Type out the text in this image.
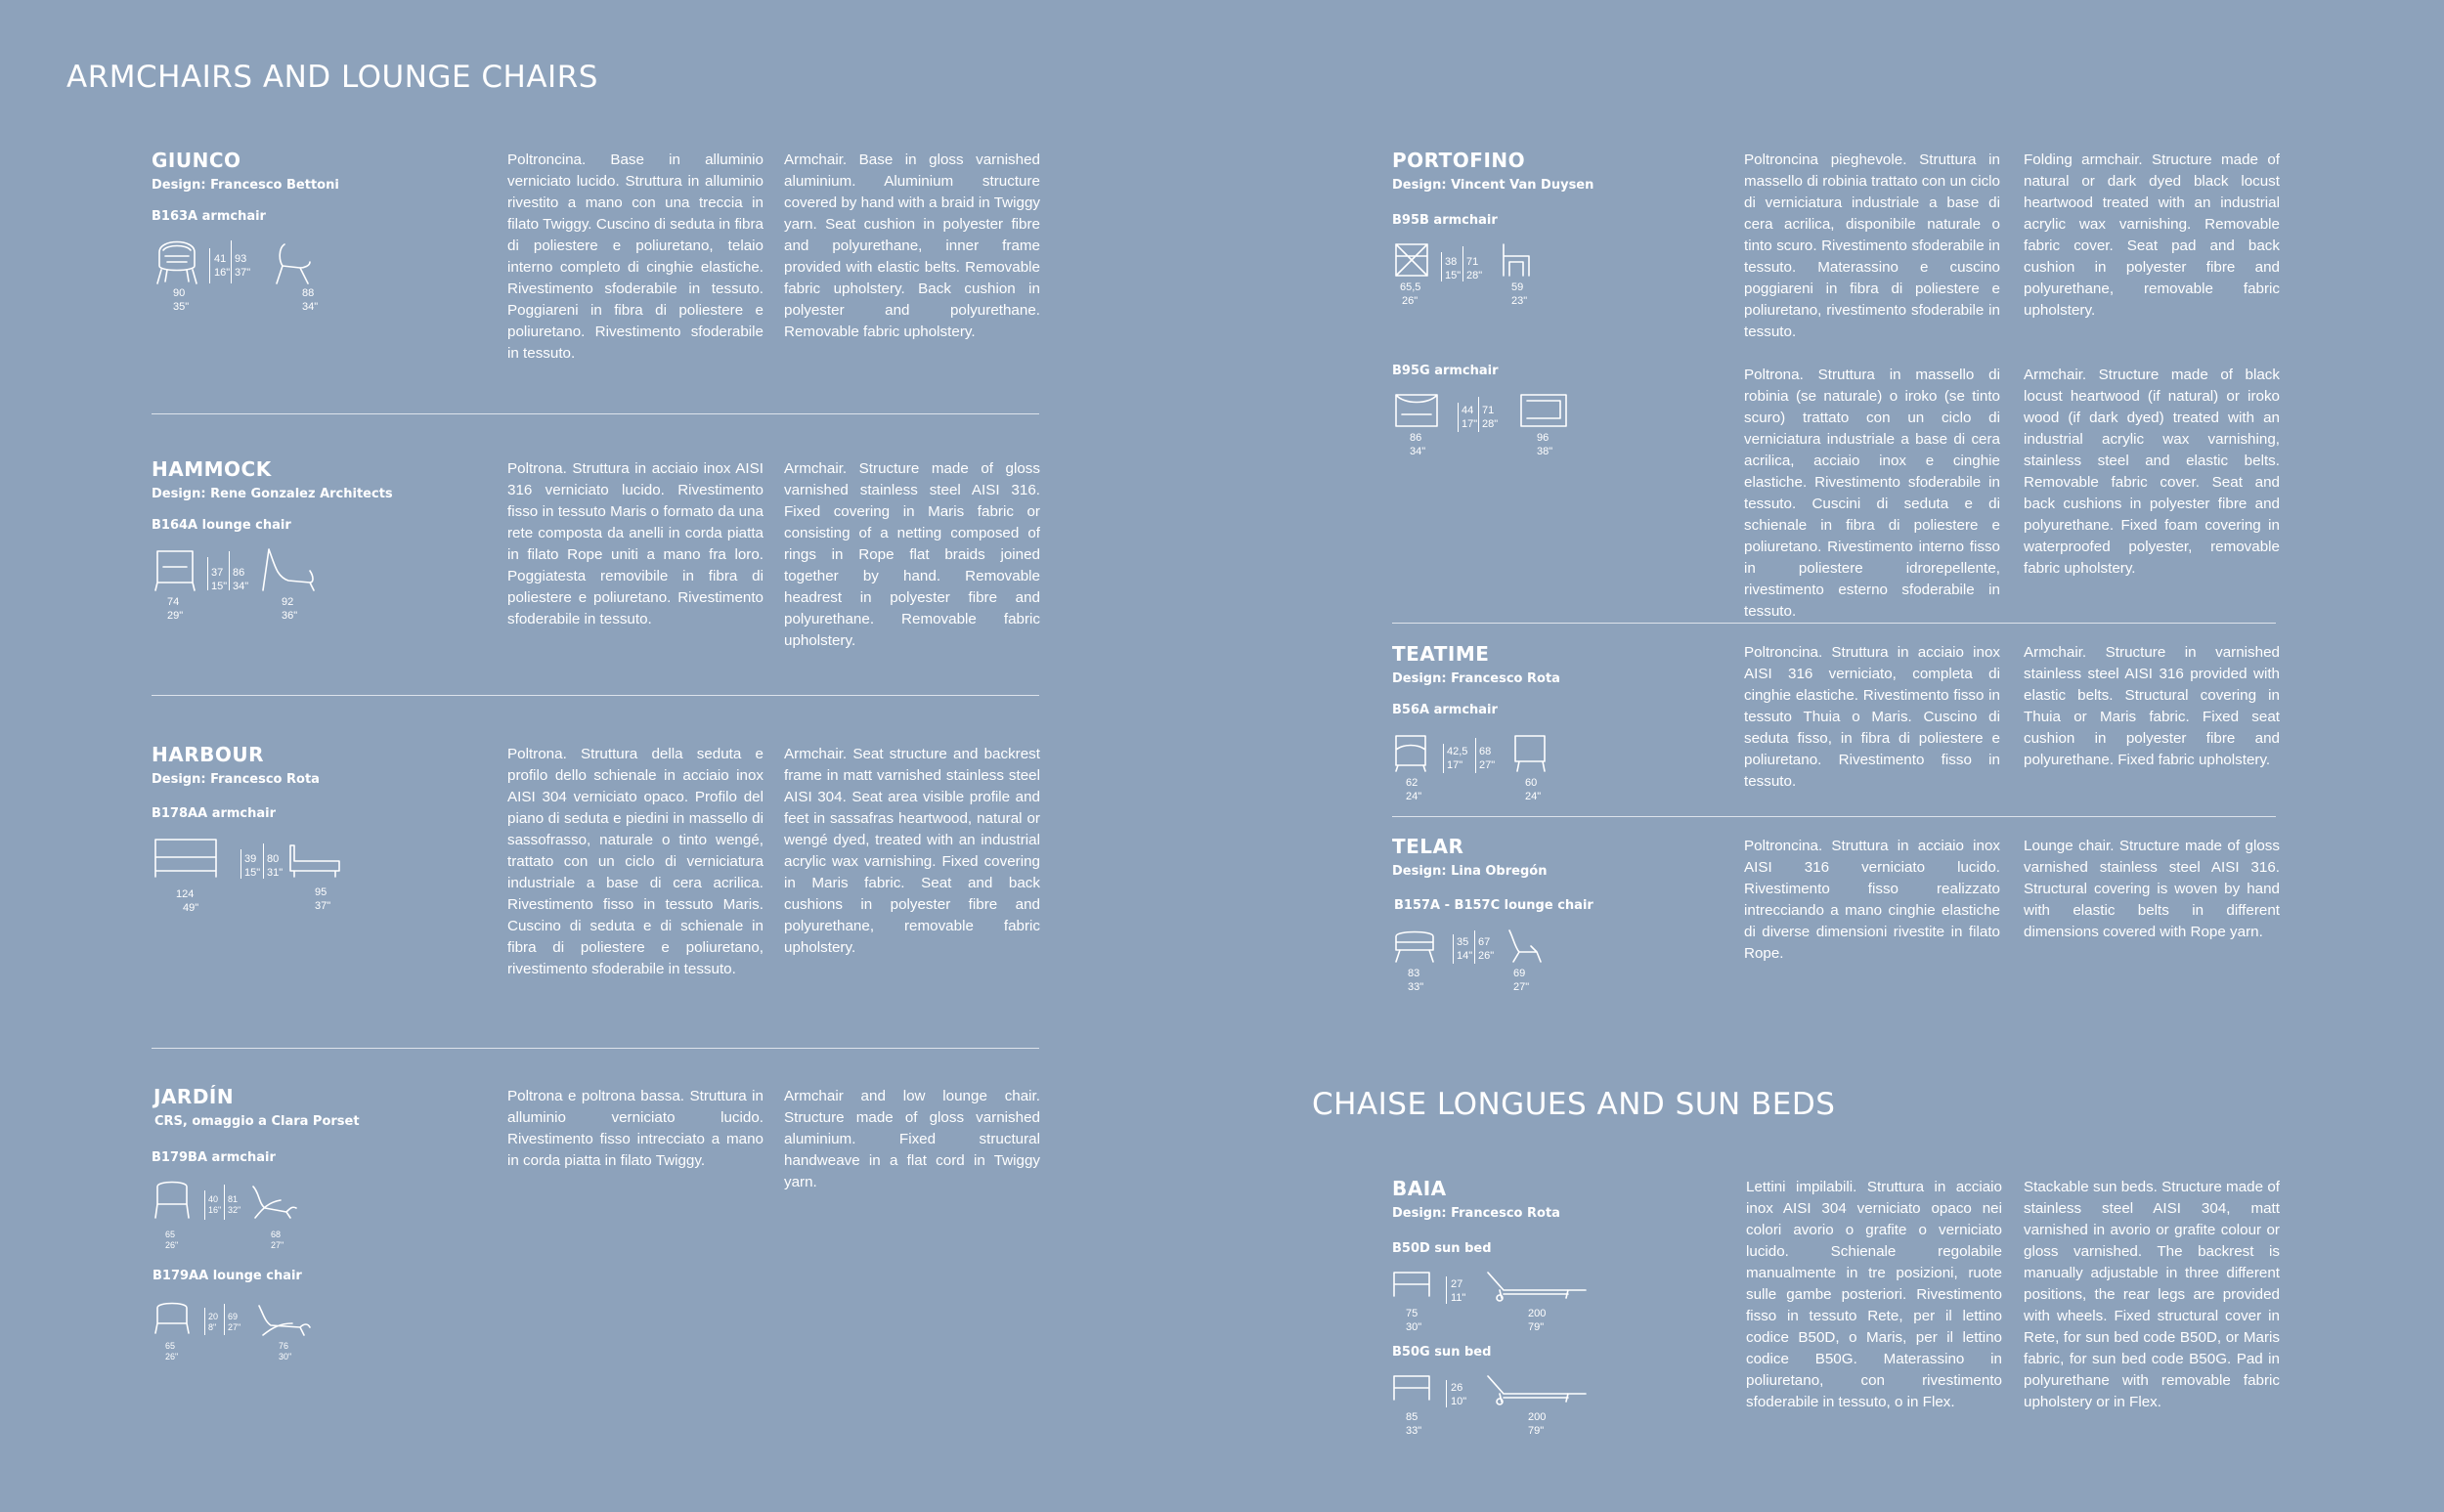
ARMCHAIRS AND LOUNGE CHAIRS
CHAISE LONGUES AND SUN BEDS
GIUNCO
Design: Francesco Bettoni
B163A armchair
41
16"
93
37"
90
35"
88
34"
Poltroncina. Base in alluminio verniciato lucido. Struttura in alluminio rivestito a mano con una treccia in filato Twiggy. Cuscino di seduta in fibra di poliestere e poliuretano, telaio interno completo di cinghie elastiche. Rivestimento sfoderabile in tessuto. Poggiareni in fibra di poliestere e poliuretano. Rivestimento sfoderabile in tessuto.
Armchair. Base in gloss varnished aluminium. Aluminium structure covered by hand with a braid in Twiggy yarn. Seat cushion in polyester fibre and polyurethane, inner frame provided with elastic belts. Removable fabric upholstery. Back cushion in polyester and polyurethane. Removable fabric upholstery.
HAMMOCK
Design: Rene Gonzalez Architects
B164A lounge chair
37
15"
86
34"
74
29"
92
36"
Poltrona. Struttura in acciaio inox AISI 316 verniciato lucido. Rivestimento fisso in tessuto Maris o formato da una rete composta da anelli in corda piatta in filato Rope uniti a mano fra loro. Poggiatesta removibile in fibra di poliestere e poliuretano. Rivestimento sfoderabile in tessuto.
Armchair. Structure made of gloss varnished stainless steel AISI 316. Fixed covering in Maris fabric or consisting of a netting composed of rings in Rope flat braids joined together by hand. Removable headrest in polyester fibre and polyurethane. Removable fabric upholstery.
HARBOUR
Design: Francesco Rota
B178AA armchair
39
15"
80
31"
124
49"
95
37"
Poltrona. Struttura della seduta e profilo dello schienale in acciaio inox AISI 304 verniciato opaco. Profilo del piano di seduta e piedini in massello di sassofrasso, naturale o tinto wengé, trattato con un ciclo di verniciatura industriale a base di cera acrilica. Rivestimento fisso in tessuto Maris. Cuscino di seduta e di schienale in fibra di poliestere e poliuretano, rivestimento sfoderabile in tessuto.
Armchair. Seat structure and backrest frame in matt varnished stainless steel AISI 304. Seat area visible profile and feet in sassafras heartwood, natural or wengé dyed, treated with an industrial acrylic wax varnishing. Fixed covering in Maris fabric. Seat and back cushions in polyester fibre and polyurethane, removable fabric upholstery.
JARDÍN
CRS, omaggio a Clara Porset
B179BA armchair
40
16"
81
32"
65
26"
68
27"
B179AA lounge chair
20
8"
69
27"
65
26"
76
30"
Poltrona e poltrona bassa. Struttura in alluminio verniciato lucido. Rivestimento fisso intrecciato a mano in corda piatta in filato Twiggy.
Armchair and low lounge chair. Structure made of gloss varnished aluminium. Fixed structural handweave in a flat cord in Twiggy yarn.
PORTOFINO
Design: Vincent Van Duysen
B95B armchair
38
15"
71
28"
65,5
26"
59
23"
B95G armchair
44
17"
71
28"
86
34"
96
38"
Poltroncina pieghevole. Struttura in massello di robinia trattato con un ciclo di verniciatura industriale a base di cera acrilica, disponibile naturale o tinto scuro. Rivestimento sfoderabile in tessuto. Materassino e cuscino poggiareni in fibra di poliestere e poliuretano, rivestimento sfoderabile in tessuto.
Folding armchair. Structure made of natural or dark dyed black locust heartwood treated with an industrial acrylic wax varnishing. Removable fabric cover. Seat pad and back cushion in polyester fibre and polyurethane, removable fabric upholstery.
Poltrona. Struttura in massello di robinia (se naturale) o iroko (se tinto scuro) trattato con un ciclo di verniciatura industriale a base di cera acrilica, acciaio inox e cinghie elastiche. Rivestimento sfoderabile in tessuto. Cuscini di seduta e di schienale in fibra di poliestere e poliuretano. Rivestimento interno fisso in poliestere idrorepellente, rivestimento esterno sfoderabile in tessuto.
Armchair. Structure made of black locust heartwood (if natural) or iroko wood (if dark dyed) treated with an industrial acrylic wax varnishing, stainless steel and elastic belts. Removable fabric cover. Seat and back cushions in polyester fibre and polyurethane. Fixed foam covering in waterproofed polyester, removable fabric upholstery.
TEATIME
Design: Francesco Rota
B56A armchair
42,5
17"
68
27"
62
24"
60
24"
Poltroncina. Struttura in acciaio inox AISI 316 verniciato, completa di cinghie elastiche. Rivestimento fisso in tessuto Thuia o Maris. Cuscino di seduta fisso, in fibra di poliestere e poliuretano. Rivestimento fisso in tessuto.
Armchair. Structure in varnished stainless steel AISI 316 provided with elastic belts. Structural covering in Thuia or Maris fabric. Fixed seat cushion in polyester fibre and polyurethane. Fixed fabric upholstery.
TELAR
Design: Lina Obregón
B157A - B157C lounge chair
35
14"
67
26"
83
33"
69
27"
Poltroncina. Struttura in acciaio inox AISI 316 verniciato lucido. Rivestimento fisso realizzato intrecciando a mano cinghie elastiche di diverse dimensioni rivestite in filato Rope.
Lounge chair. Structure made of gloss varnished stainless steel AISI 316. Structural covering is woven by hand with elastic belts in different dimensions covered with Rope yarn.
BAIA
Design: Francesco Rota
B50D sun bed
27
11"
75
30"
200
79"
B50G sun bed
26
10"
85
33"
200
79"
Lettini impilabili. Struttura in acciaio inox AISI 304 verniciato opaco nei colori avorio o grafite o verniciato lucido. Schienale regolabile manualmente in tre posizioni, ruote sulle gambe posteriori. Rivestimento fisso in tessuto Rete, per il lettino codice B50D, o Maris, per il lettino codice B50G. Materassino in poliuretano, con rivestimento sfoderabile in tessuto, o in Flex.
Stackable sun beds. Structure made of stainless steel AISI 304, matt varnished in avorio or grafite colour or gloss varnished. The backrest is manually adjustable in three different positions, the rear legs are provided with wheels. Fixed structural cover in Rete, for sun bed code B50D, or Maris fabric, for sun bed code B50G. Pad in polyurethane with removable fabric upholstery or in Flex.
